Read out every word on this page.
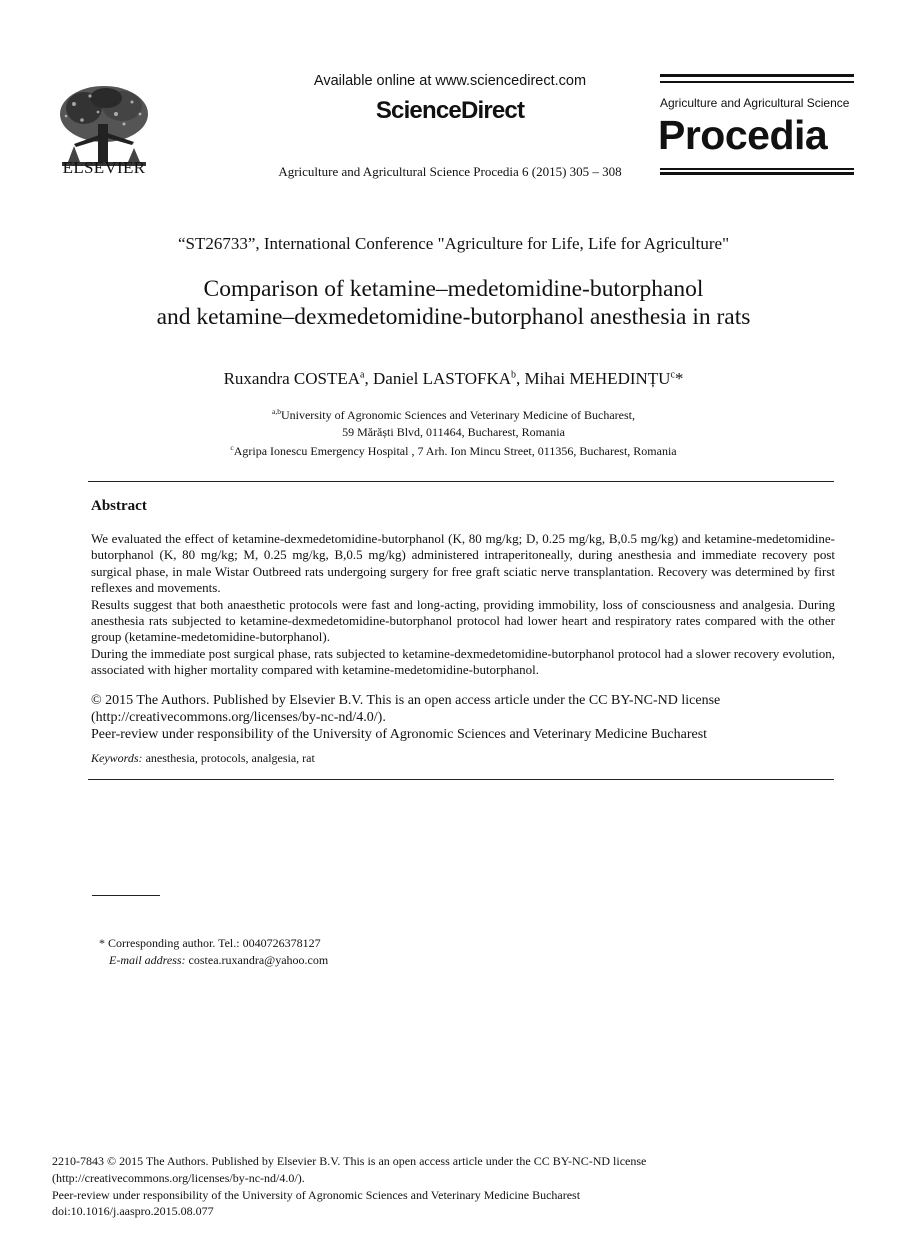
ELSEVIER
Available online at www.sciencedirect.com
ScienceDirect
Agriculture and Agricultural Science Procedia 6 (2015) 305 – 308
Agriculture and Agricultural Science
Procedia
“ST26733”, International Conference "Agriculture for Life, Life for Agriculture"
Comparison of ketamine–medetomidine-butorphanol
and ketamine–dexmedetomidine-butorphanol anesthesia in rats
Ruxandra COSTEA$^a$, Daniel LASTOFKA$^b$, Mihai MEHEDINȚU$^c$*
$^{a,b}$University of Agronomic Sciences and Veterinary Medicine of Bucharest,
59 Mărăști Blvd, 011464, Bucharest, Romania
$^c$Agripa Ionescu Emergency Hospital , 7 Arh. Ion Mincu Street, 011356, Bucharest, Romania
Abstract

We evaluated the effect of ketamine-dexmedetomidine-butorphanol (K, 80 mg/kg; D, 0.25 mg/kg, B,0.5 mg/kg) and ketamine-medetomidine-butorphanol (K, 80 mg/kg; M, 0.25 mg/kg, B,0.5 mg/kg) administered intraperitoneally, during anesthesia and immediate recovery post surgical phase, in male Wistar Outbreed rats undergoing surgery for free graft sciatic nerve transplantation. Recovery was determined by first reflexes and movements.

Results suggest that both anaesthetic protocols were fast and long-acting, providing immobility, loss of consciousness and analgesia. During anesthesia rats subjected to ketamine-dexmedetomidine-butorphanol protocol had lower heart and respiratory rates compared with the other group (ketamine-medetomidine-butorphanol).

During the immediate post surgical phase, rats subjected to ketamine-dexmedetomidine-butorphanol protocol had a slower recovery evolution, associated with higher mortality compared with ketamine-medetomidine-butorphanol.

© 2015 The Authors. Published by Elsevier B.V. This is an open access article under the CC BY-NC-ND license

(http://creativecommons.org/licenses/by-nc-nd/4.0/).

Peer-review under responsibility of the University of Agronomic Sciences and Veterinary Medicine Bucharest

Keywords: anesthesia, protocols, analgesia, rat
* Corresponding author. Tel.: 0040726378127
E-mail address: costea.ruxandra@yahoo.com

2210-7843 © 2015 The Authors. Published by Elsevier B.V. This is an open access article under the CC BY-NC-ND license

(http://creativecommons.org/licenses/by-nc-nd/4.0/).

Peer-review under responsibility of the University of Agronomic Sciences and Veterinary Medicine Bucharest

doi:10.1016/j.aaspro.2015.08.077
